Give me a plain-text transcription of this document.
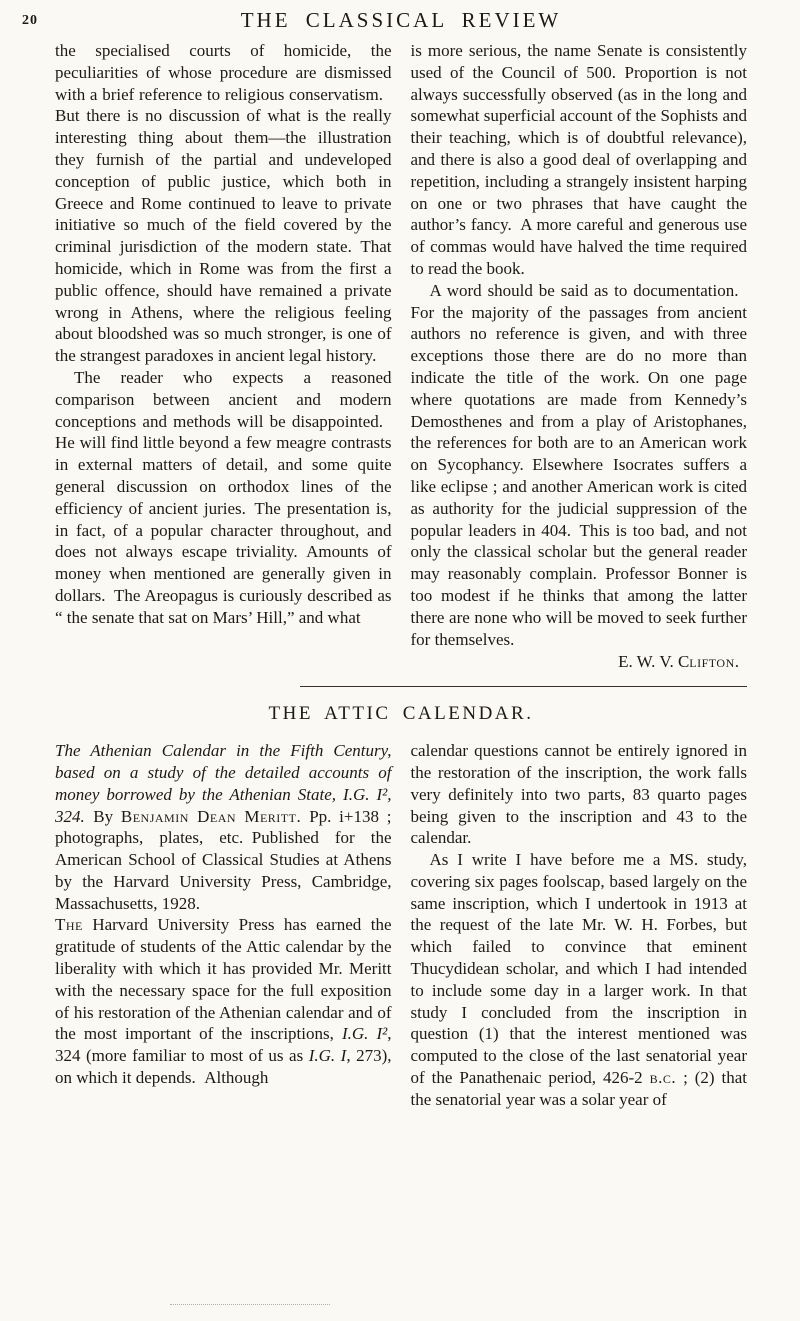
20	THE CLASSICAL REVIEW

the specialised courts of homicide, the peculiarities of whose procedure are dismissed with a brief reference to religious conservatism. But there is no discussion of what is the really interesting thing about them—the illustration they furnish of the partial and undeveloped conception of public justice, which both in Greece and Rome continued to leave to private initiative so much of the field covered by the criminal jurisdiction of the modern state. That homicide, which in Rome was from the first a public offence, should have remained a private wrong in Athens, where the religious feeling about bloodshed was so much stronger, is one of the strangest paradoxes in ancient legal history.

The reader who expects a reasoned comparison between ancient and modern conceptions and methods will be disappointed. He will find little beyond a few meagre contrasts in external matters of detail, and some quite general discussion on orthodox lines of the efficiency of ancient juries. The presentation is, in fact, of a popular character throughout, and does not always escape triviality. Amounts of money when mentioned are generally given in dollars. The Areopagus is curiously described as “ the senate that sat on Mars’ Hill,” and what

is more serious, the name Senate is consistently used of the Council of 500. Proportion is not always successfully observed (as in the long and somewhat superficial account of the Sophists and their teaching, which is of doubtful relevance), and there is also a good deal of overlapping and repetition, including a strangely insistent harping on one or two phrases that have caught the author’s fancy. A more careful and generous use of commas would have halved the time required to read the book.

A word should be said as to documentation. For the majority of the passages from ancient authors no reference is given, and with three exceptions those there are do no more than indicate the title of the work. On one page where quotations are made from Kennedy’s Demosthenes and from a play of Aristophanes, the references for both are to an American work on Sycophancy. Elsewhere Isocrates suffers a like eclipse ; and another American work is cited as authority for the judicial suppression of the popular leaders in 404. This is too bad, and not only the classical scholar but the general reader may reasonably complain. Professor Bonner is too modest if he thinks that among the latter there are none who will be moved to seek further for themselves.

E. W. V. Clifton.

THE ATTIC CALENDAR.

The Athenian Calendar in the Fifth Century, based on a study of the detailed accounts of money borrowed by the Athenian State, I.G. I², 324. By Benjamin Dean Meritt. Pp. i+138 ; photographs, plates, etc. Published for the American School of Classical Studies at Athens by the Harvard University Press, Cambridge, Massachusetts, 1928.

The Harvard University Press has earned the gratitude of students of the Attic calendar by the liberality with which it has provided Mr. Meritt with the necessary space for the full exposition of his restoration of the Athenian calendar and of the most important of the inscriptions, I.G. I², 324 (more familiar to most of us as I.G. I, 273), on which it depends. Although

calendar questions cannot be entirely ignored in the restoration of the inscription, the work falls very definitely into two parts, 83 quarto pages being given to the inscription and 43 to the calendar.

As I write I have before me a MS. study, covering six pages foolscap, based largely on the same inscription, which I undertook in 1913 at the request of the late Mr. W. H. Forbes, but which failed to convince that eminent Thucydidean scholar, and which I had intended to include some day in a larger work. In that study I concluded from the inscription in question (1) that the interest mentioned was computed to the close of the last senatorial year of the Panathenaic period, 426-2 b.c. ; (2) that the senatorial year was a solar year of
